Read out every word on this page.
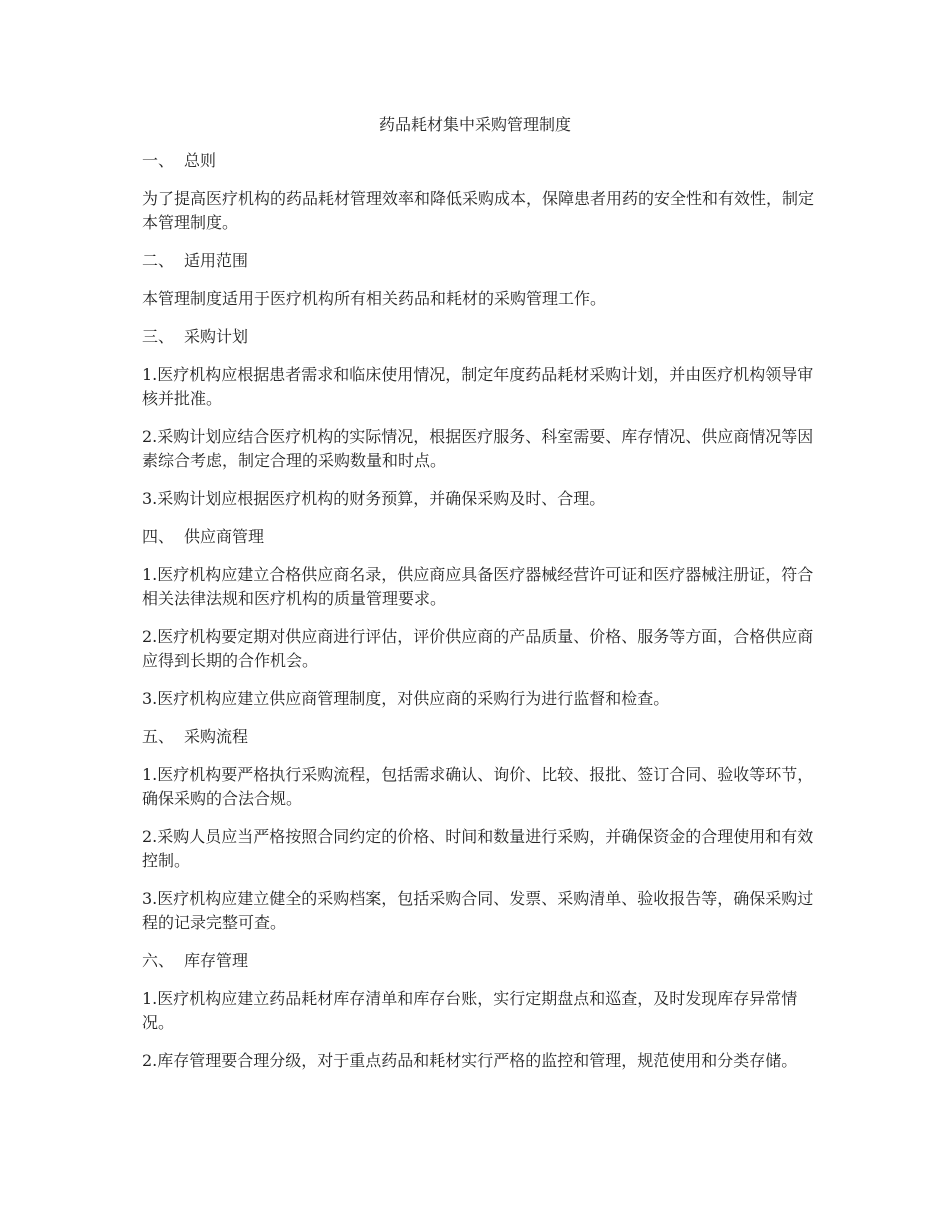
药品耗材集中采购管理制度
一、 总则

为了提高医疗机构的药品耗材管理效率和降低采购成本，保障患者用药的安全性和有效性，制定本管理制度。

二、 适用范围

本管理制度适用于医疗机构所有相关药品和耗材的采购管理工作。

三、 采购计划

1.医疗机构应根据患者需求和临床使用情况，制定年度药品耗材采购计划，并由医疗机构领导审核并批准。

2.采购计划应结合医疗机构的实际情况，根据医疗服务、科室需要、库存情况、供应商情况等因素综合考虑，制定合理的采购数量和时点。

3.采购计划应根据医疗机构的财务预算，并确保采购及时、合理。

四、 供应商管理

1.医疗机构应建立合格供应商名录，供应商应具备医疗器械经营许可证和医疗器械注册证，符合相关法律法规和医疗机构的质量管理要求。

2.医疗机构要定期对供应商进行评估，评价供应商的产品质量、价格、服务等方面，合格供应商应得到长期的合作机会。

3.医疗机构应建立供应商管理制度，对供应商的采购行为进行监督和检查。

五、 采购流程

1.医疗机构要严格执行采购流程，包括需求确认、询价、比较、报批、签订合同、验收等环节，确保采购的合法合规。

2.采购人员应当严格按照合同约定的价格、时间和数量进行采购，并确保资金的合理使用和有效控制。

3.医疗机构应建立健全的采购档案，包括采购合同、发票、采购清单、验收报告等，确保采购过程的记录完整可查。

六、 库存管理

1.医疗机构应建立药品耗材库存清单和库存台账，实行定期盘点和巡查，及时发现库存异常情况。

2.库存管理要合理分级，对于重点药品和耗材实行严格的监控和管理，规范使用和分类存储。
